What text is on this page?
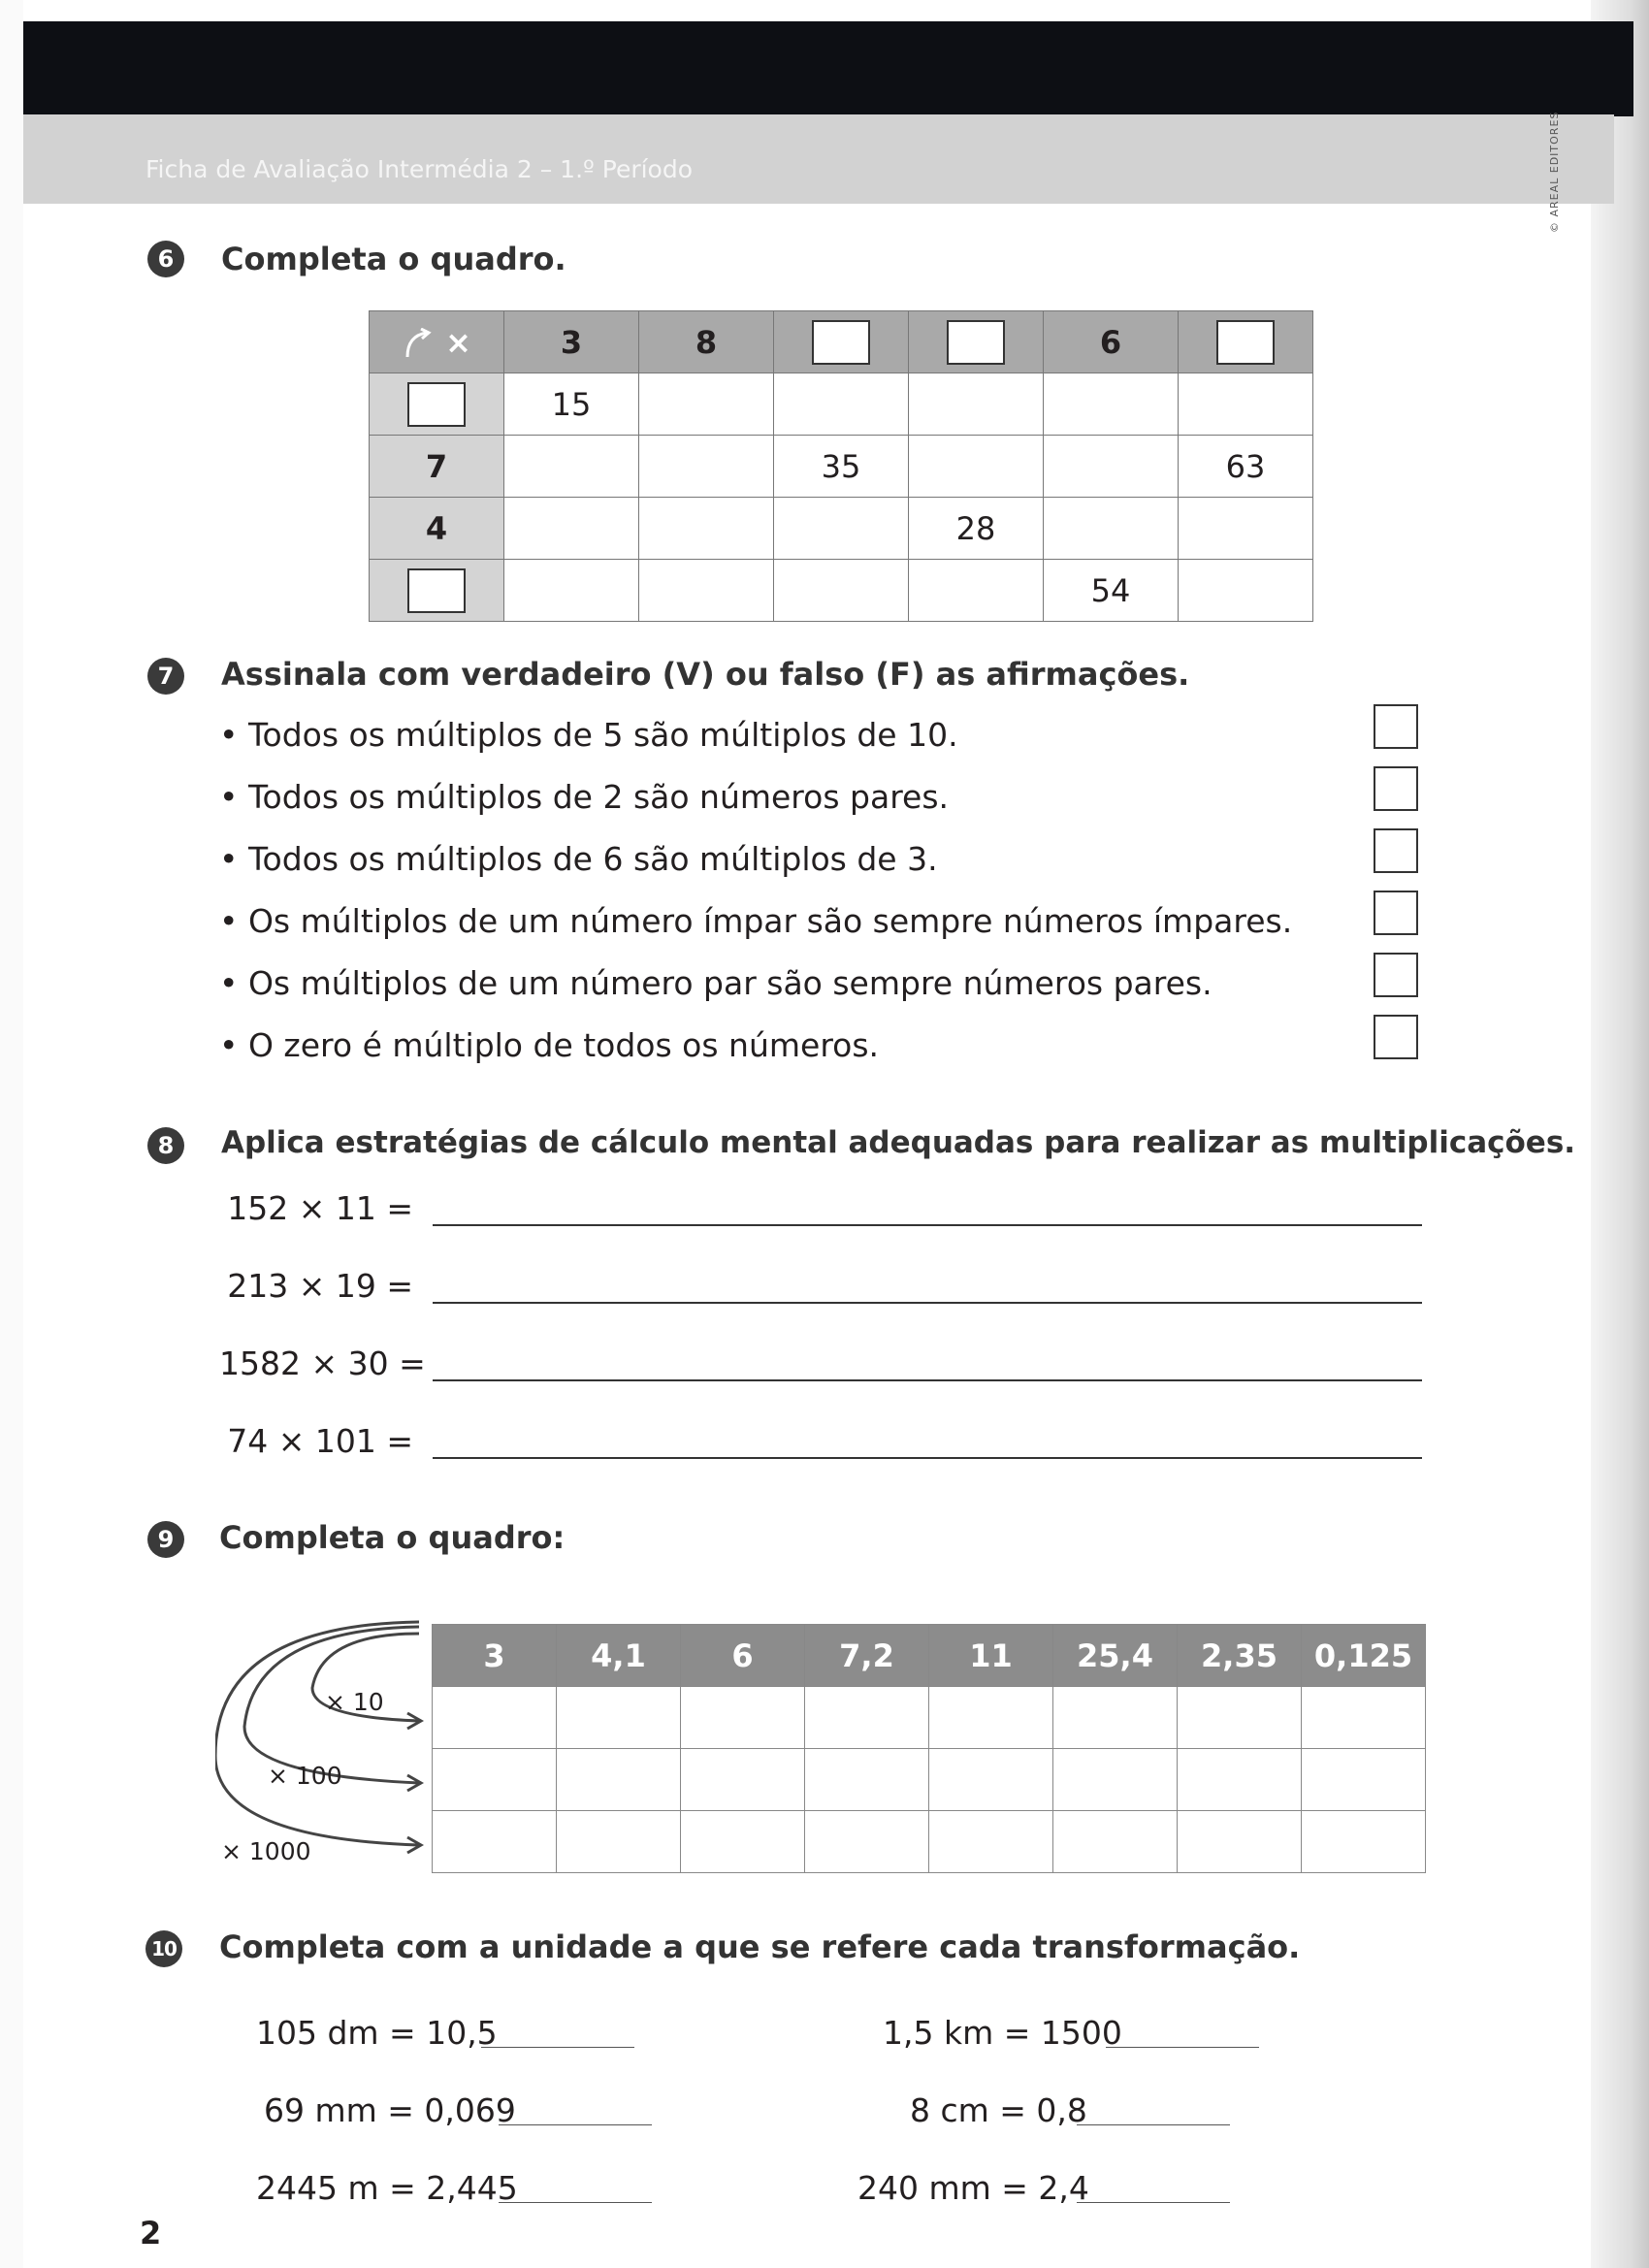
Ficha de Avaliação Intermédia 2 – 1.º Período	© AREAL EDITORES
6	Completa o quadro.
×	3	8			6	
	15					
7			35			63
4				28		
					54	
7	Assinala com verdadeiro (V) ou falso (F) as afirmações.
• Todos os múltiplos de 5 são múltiplos de 10.
• Todos os múltiplos de 2 são números pares.
• Todos os múltiplos de 6 são múltiplos de 3.
• Os múltiplos de um número ímpar são sempre números ímpares.
• Os múltiplos de um número par são sempre números pares.
• O zero é múltiplo de todos os números.
8	Aplica estratégias de cálculo mental adequadas para realizar as multiplicações.
152 × 11 =
213 × 19 =
1582 × 30 =
74 × 101 =
9	Completa o quadro:
× 10
× 100
× 1000
3	4,1	6	7,2	11	25,4	2,35	0,125

10 Completa com a unidade a que se refere cada transformação.
105 dm = 10,5
69 mm = 0,069
2445 m = 2,445
1,5 km = 1500
8 cm = 0,8
240 mm = 2,4
2
